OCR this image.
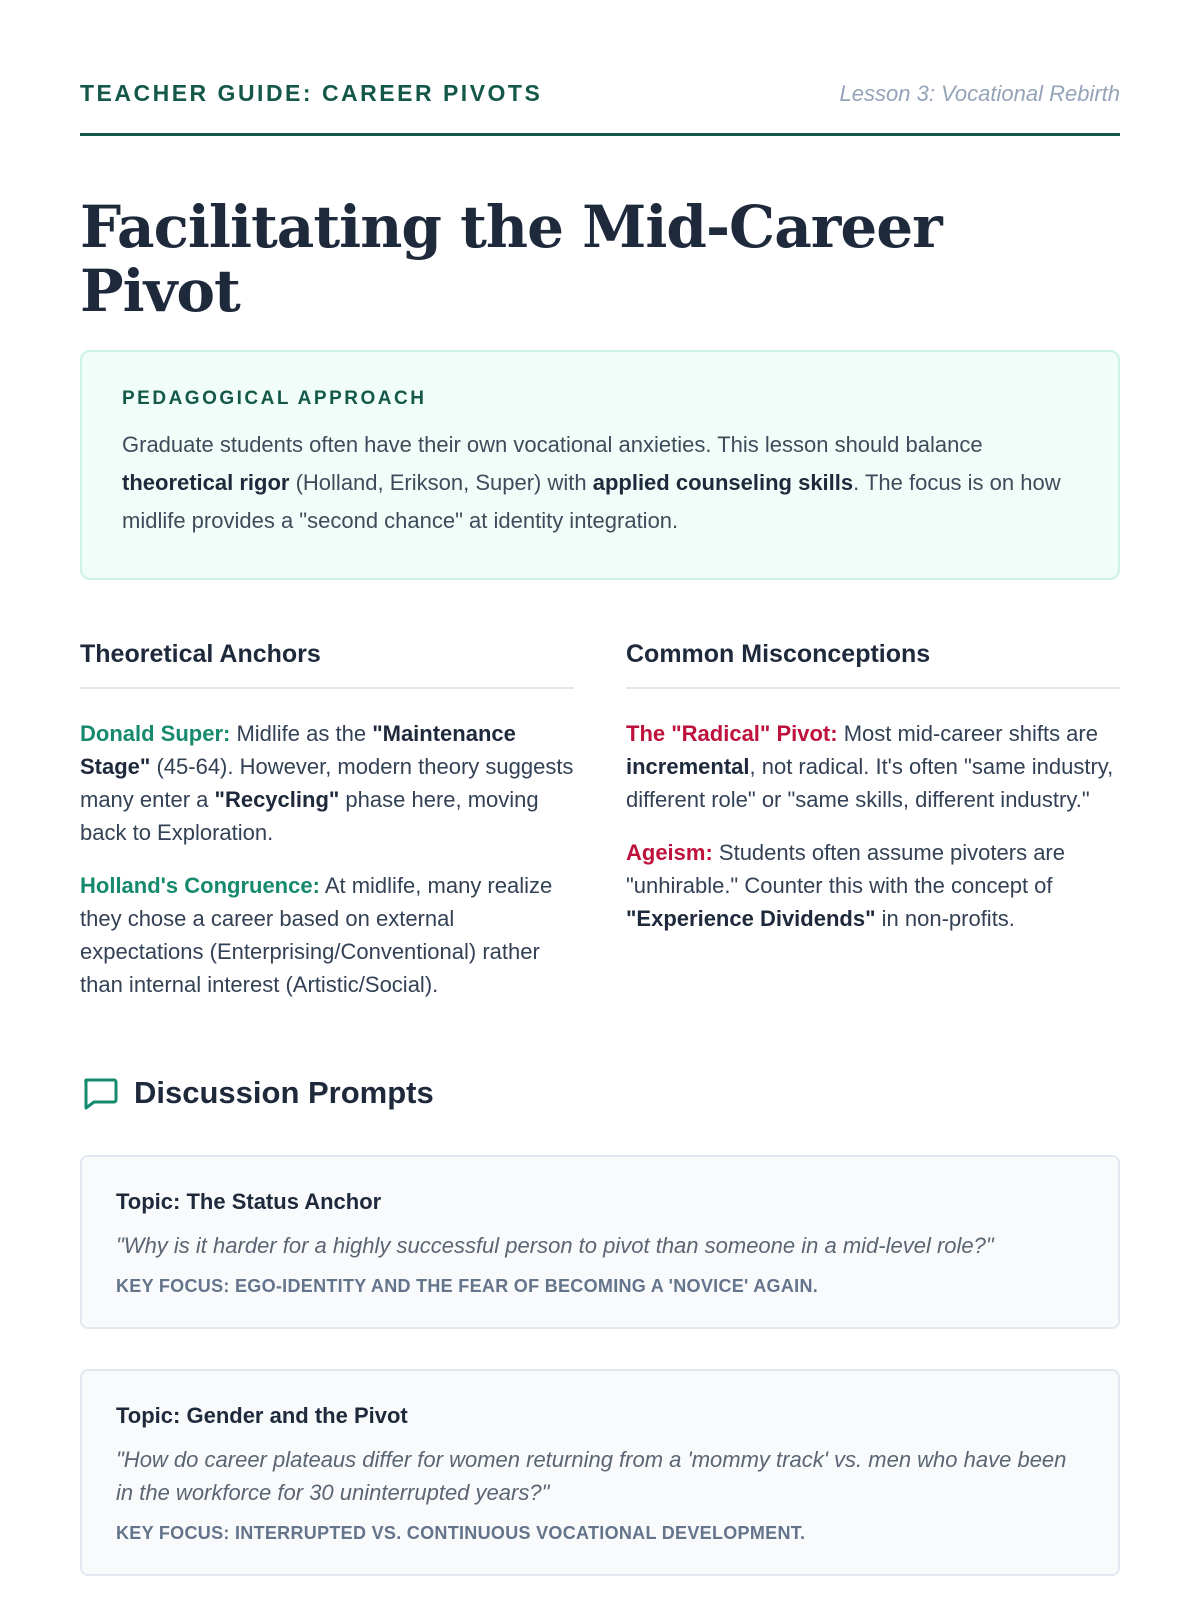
TEACHER GUIDE: CAREER PIVOTS	Lesson 3: Vocational Rebirth
Facilitating the Mid-Career Pivot
PEDAGOGICAL APPROACH
Graduate students often have their own vocational anxieties. This lesson should balance theoretical rigor (Holland, Erikson, Super) with applied counseling skills. The focus is on how midlife provides a "second chance" at identity integration.
Theoretical Anchors
Donald Super: Midlife as the "Maintenance Stage" (45-64). However, modern theory suggests many enter a "Recycling" phase here, moving back to Exploration.
Holland's Congruence: At midlife, many realize they chose a career based on external expectations (Enterprising/Conventional) rather than internal interest (Artistic/Social).
Common Misconceptions
The "Radical" Pivot: Most mid-career shifts are incremental, not radical. It's often "same industry, different role" or "same skills, different industry."
Ageism: Students often assume pivoters are "unhirable." Counter this with the concept of "Experience Dividends" in non-profits.
Discussion Prompts
Topic: The Status Anchor
"Why is it harder for a highly successful person to pivot than someone in a mid-level role?"
KEY FOCUS: EGO-IDENTITY AND THE FEAR OF BECOMING A 'NOVICE' AGAIN.
Topic: Gender and the Pivot
"How do career plateaus differ for women returning from a 'mommy track' vs. men who have been in the workforce for 30 uninterrupted years?"
KEY FOCUS: INTERRUPTED VS. CONTINUOUS VOCATIONAL DEVELOPMENT.
